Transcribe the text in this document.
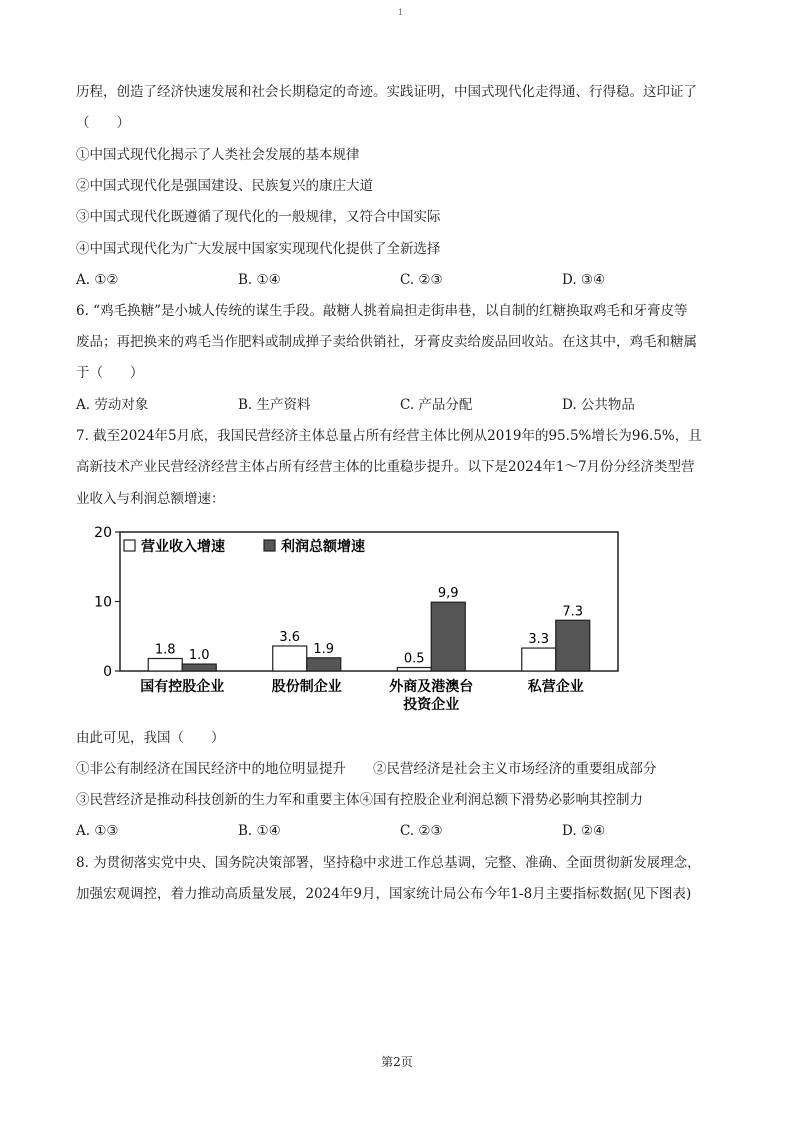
1
历程，创造了经济快速发展和社会长期稳定的奇迹。实践证明，中国式现代化走得通、行得稳。这印证了
（　　）
①中国式现代化揭示了人类社会发展的基本规律
②中国式现代化是强国建设、民族复兴的康庄大道
③中国式现代化既遵循了现代化的一般规律，又符合中国实际
④中国式现代化为广大发展中国家实现现代化提供了全新选择
A. ①②	B. ①④	C. ②③	D. ③④
6. “鸡毛换糖”是小城人传统的谋生手段。敲糖人挑着扁担走街串巷，以自制的红糖换取鸡毛和牙膏皮等
废品；再把换来的鸡毛当作肥料或制成掸子卖给供销社，牙膏皮卖给废品回收站。在这其中，鸡毛和糖属
于（　　）
A. 劳动对象	B. 生产资料	C. 产品分配	D. 公共物品
7. 截至2024年5月底，我国民营经济主体总量占所有经营主体比例从2019年的95.5%增长为96.5%，且
高新技术产业民营经济经营主体占所有经营主体的比重稳步提升。以下是2024年1～7月份分经济类型营
业收入与利润总额增速：
0
10
20
营业收入增速	利润总额增速
1.8
3.6
0.5
3.3
1.0	1.9
9,9
7.3
国有控股企业	股份制企业	外商及港澳台
投资企业
私营企业
由此可见，我国（　　）
①非公有制经济在国民经济中的地位明显提升　　②民营经济是社会主义市场经济的重要组成部分
③民营经济是推动科技创新的生力军和重要主体④国有控股企业利润总额下滑势必影响其控制力
A. ①③	B. ①④	C. ②③	D. ②④
8. 为贯彻落实党中央、国务院决策部署，坚持稳中求进工作总基调，完整、准确、全面贯彻新发展理念，
加强宏观调控，着力推动高质量发展，2024年9月，国家统计局公布今年1-8月主要指标数据(见下图表)
第2页
